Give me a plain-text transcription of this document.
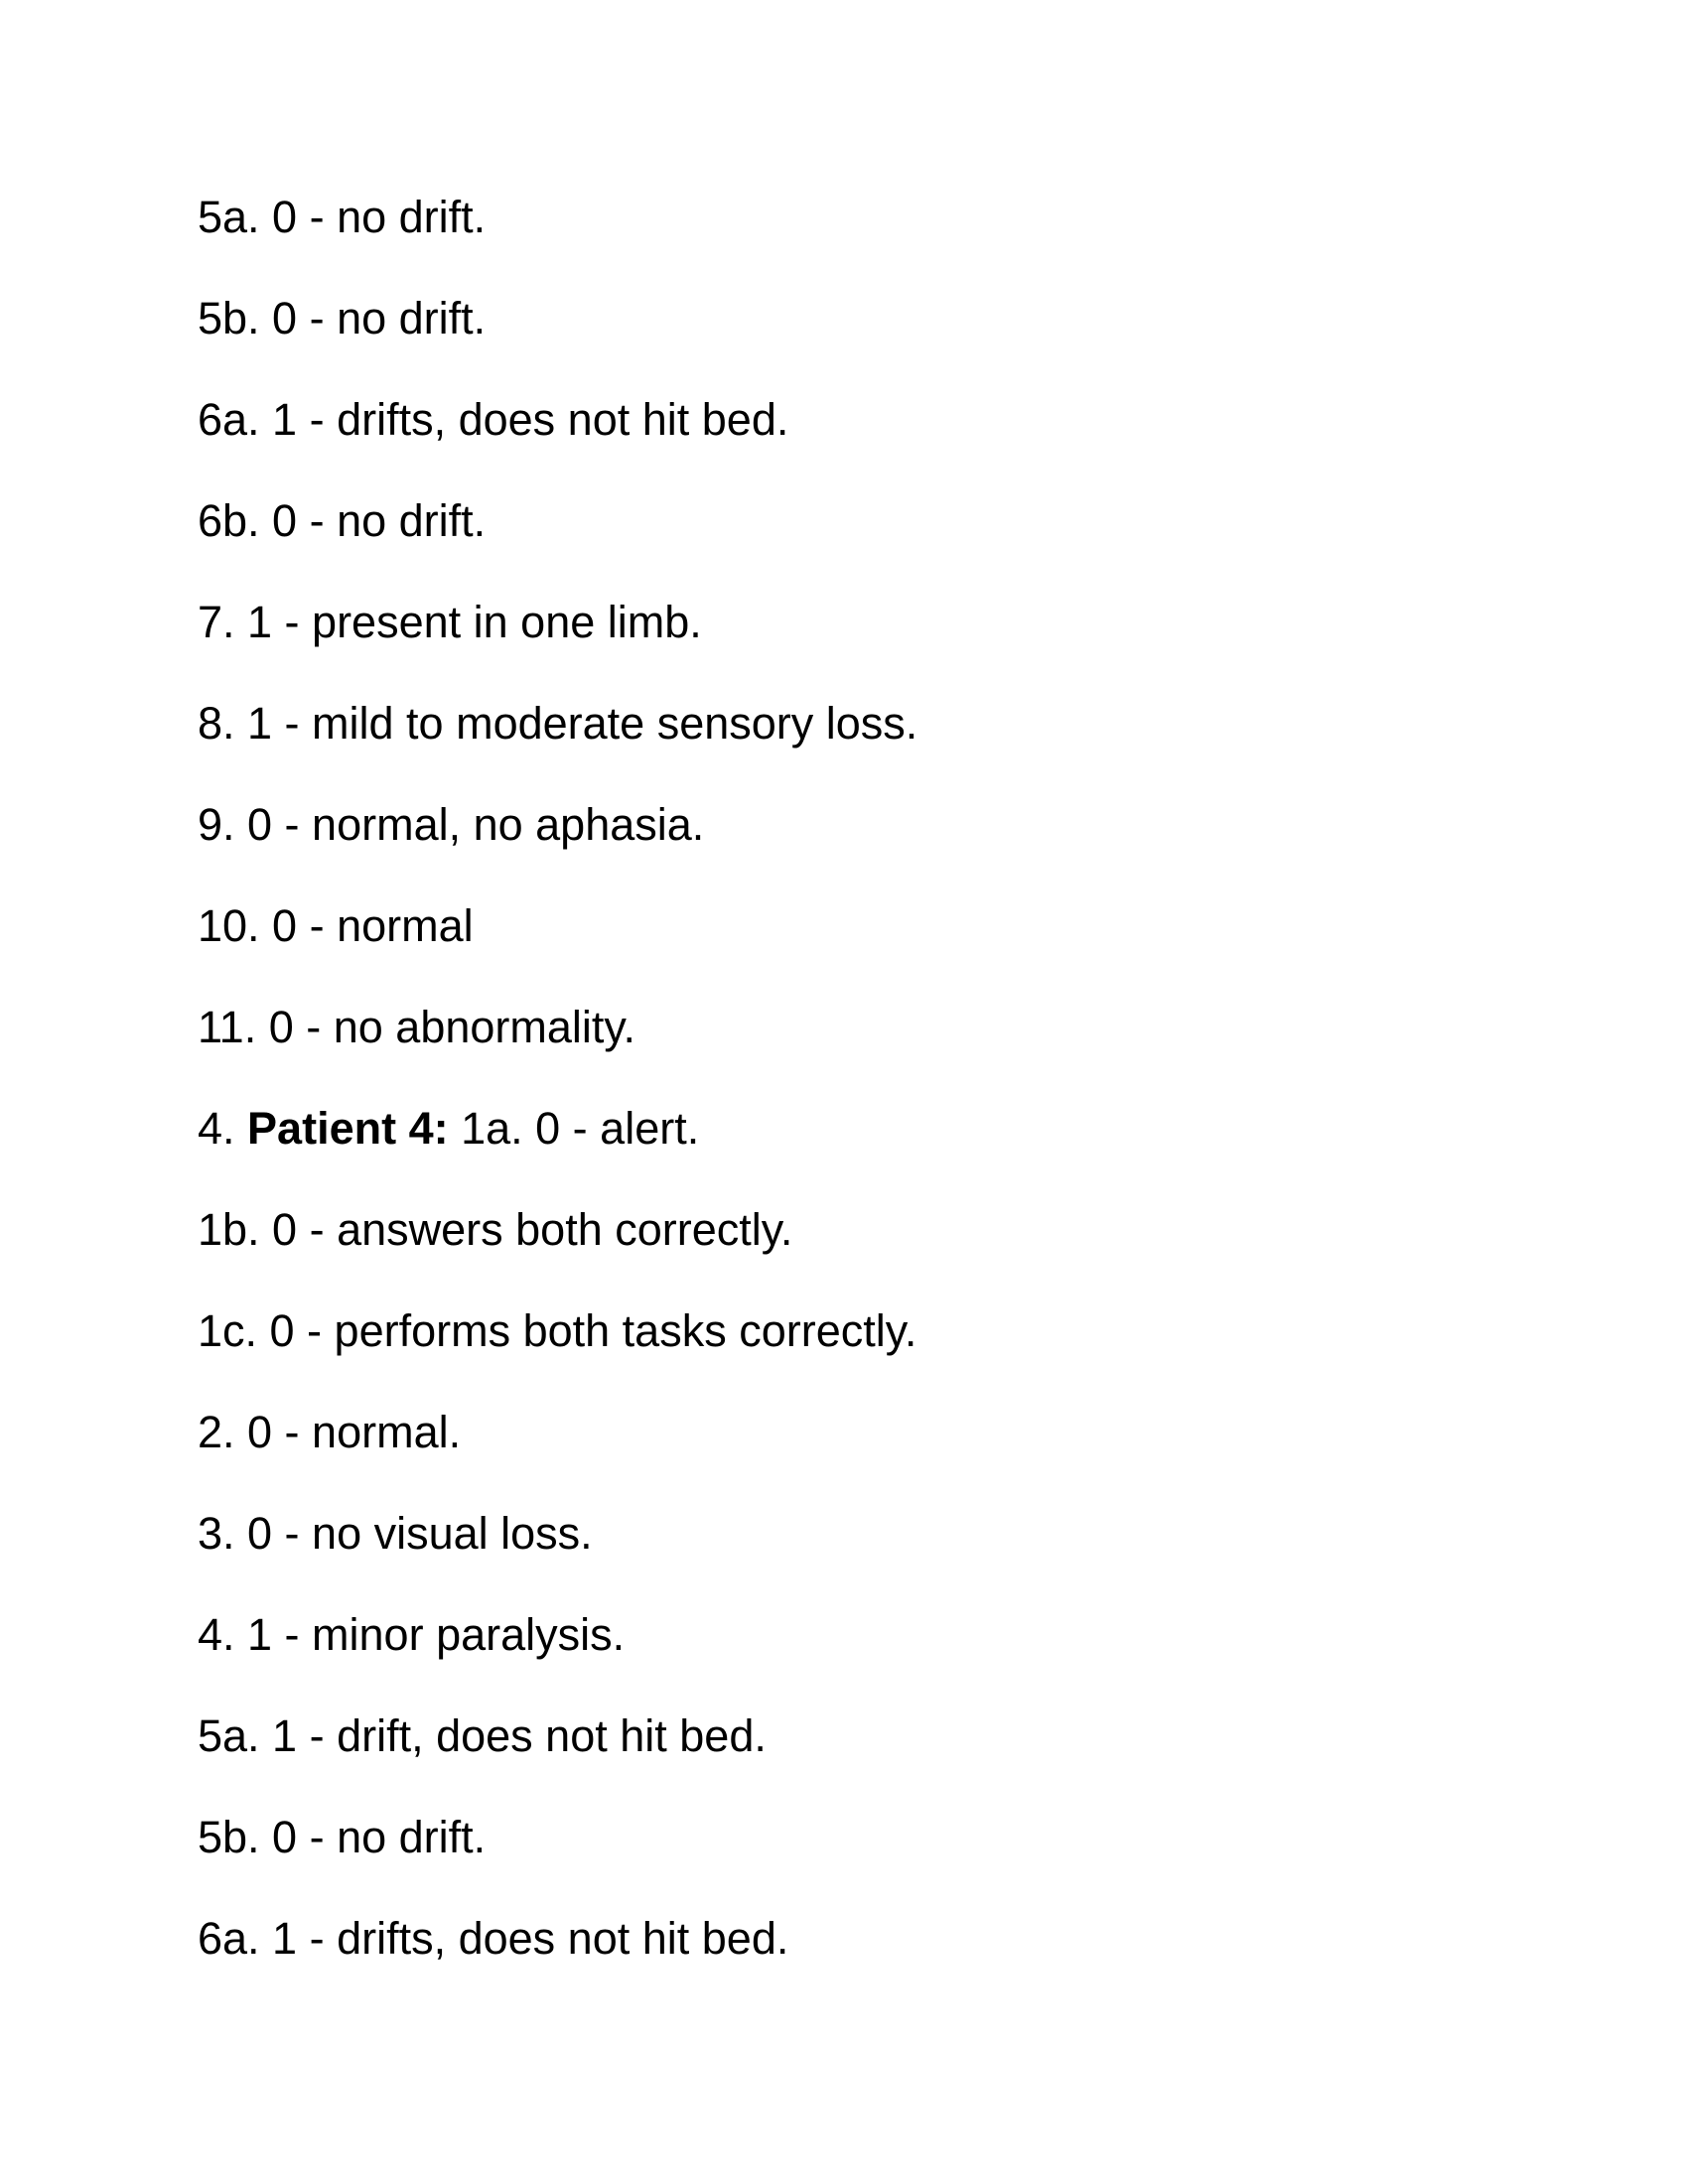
5a. 0 - no drift.
5b. 0 - no drift.
6a. 1 - drifts, does not hit bed.
6b. 0 - no drift.
7. 1 - present in one limb.
8. 1 - mild to moderate sensory loss.
9. 0 - normal, no aphasia.
10. 0 - normal
11. 0 - no abnormality.
4. Patient 4: 1a. 0 - alert.
1b. 0 - answers both correctly.
1c. 0 - performs both tasks correctly.
2. 0 - normal.
3. 0 - no visual loss.
4. 1 - minor paralysis.
5a. 1 - drift, does not hit bed.
5b. 0 - no drift.
6a. 1 - drifts, does not hit bed.
